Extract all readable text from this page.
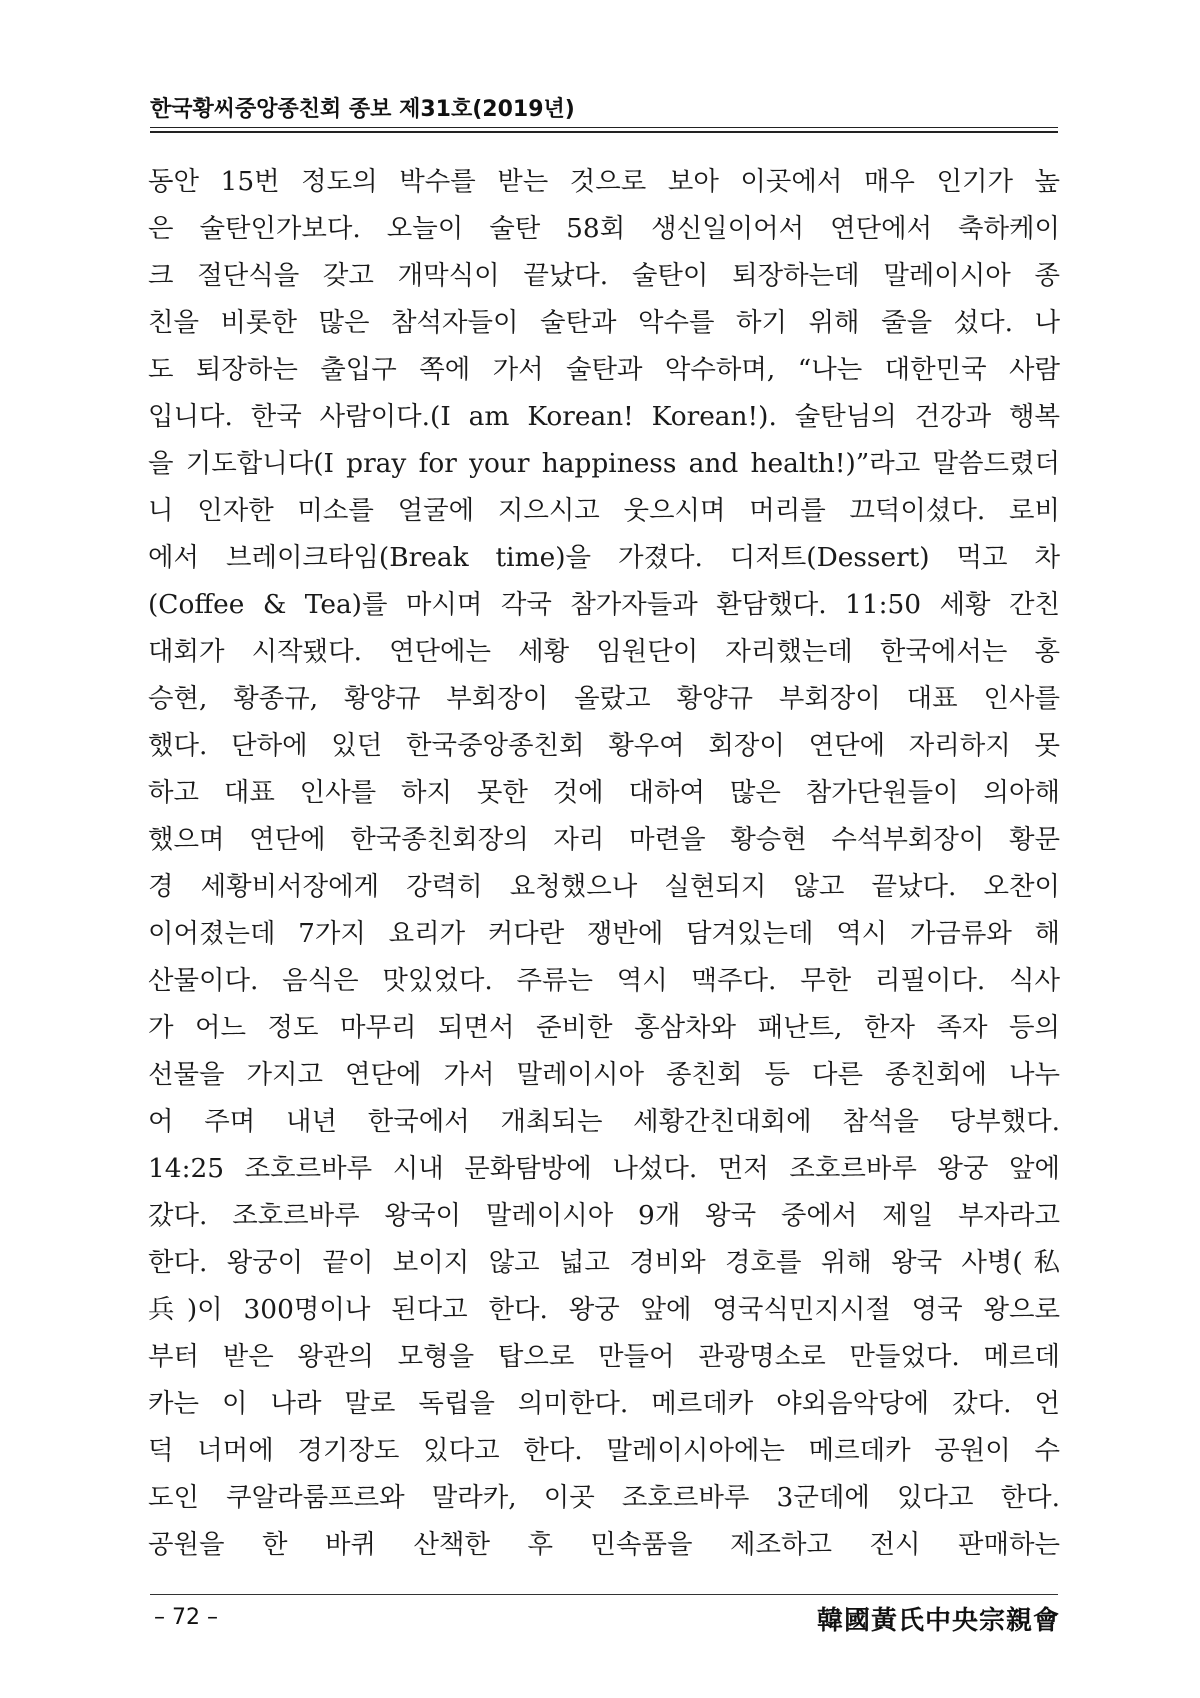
한국황씨중앙종친회 종보 제31호(2019년)
동안 15번 정도의 박수를 받는 것으로 보아 이곳에서 매우 인기가 높
은 술탄인가보다. 오늘이 술탄 58회 생신일이어서 연단에서 축하케이
크 절단식을 갖고 개막식이 끝났다. 술탄이 퇴장하는데 말레이시아 종
친을 비롯한 많은 참석자들이 술탄과 악수를 하기 위해 줄을 섰다. 나
도 퇴장하는 출입구 쪽에 가서 술탄과 악수하며, “나는 대한민국 사람
입니다. 한국 사람이다.(I am Korean! Korean!). 술탄님의 건강과 행복
을 기도합니다(I pray for your happiness and health!)”라고 말씀드렸더
니 인자한 미소를 얼굴에 지으시고 웃으시며 머리를 끄덕이셨다. 로비
에서 브레이크타임(Break time)을 가졌다. 디저트(Dessert) 먹고 차
(Coffee & Tea)를 마시며 각국 참가자들과 환담했다. 11:50 세황 간친
대회가 시작됐다. 연단에는 세황 임원단이 자리했는데 한국에서는 홍
승현, 황종규, 황양규 부회장이 올랐고 황양규 부회장이 대표 인사를
했다. 단하에 있던 한국중앙종친회 황우여 회장이 연단에 자리하지 못
하고 대표 인사를 하지 못한 것에 대하여 많은 참가단원들이 의아해
했으며 연단에 한국종친회장의 자리 마련을 황승현 수석부회장이 황문
경 세황비서장에게 강력히 요청했으나 실현되지 않고 끝났다. 오찬이
이어졌는데 7가지 요리가 커다란 쟁반에 담겨있는데 역시 가금류와 해
산물이다. 음식은 맛있었다. 주류는 역시 맥주다. 무한 리필이다. 식사
가 어느 정도 마무리 되면서 준비한 홍삼차와 패난트, 한자 족자 등의
선물을 가지고 연단에 가서 말레이시아 종친회 등 다른 종친회에 나누
어 주며 내년 한국에서 개최되는 세황간친대회에 참석을 당부했다.
14:25 조호르바루 시내 문화탐방에 나섰다. 먼저 조호르바루 왕궁 앞에
갔다. 조호르바루 왕국이 말레이시아 9개 왕국 중에서 제일 부자라고
한다. 왕궁이 끝이 보이지 않고 넓고 경비와 경호를 위해 왕국 사병(私
兵)이 300명이나 된다고 한다. 왕궁 앞에 영국식민지시절 영국 왕으로
부터 받은 왕관의 모형을 탑으로 만들어 관광명소로 만들었다. 메르데
카는 이 나라 말로 독립을 의미한다. 메르데카 야외음악당에 갔다. 언
덕 너머에 경기장도 있다고 한다. 말레이시아에는 메르데카 공원이 수
도인 쿠알라룸프르와 말라카, 이곳 조호르바루 3군데에 있다고 한다.
공원을 한 바퀴 산책한 후 민속품을 제조하고 전시 판매하는
– 72 –	韓國黃氏中央宗親會
